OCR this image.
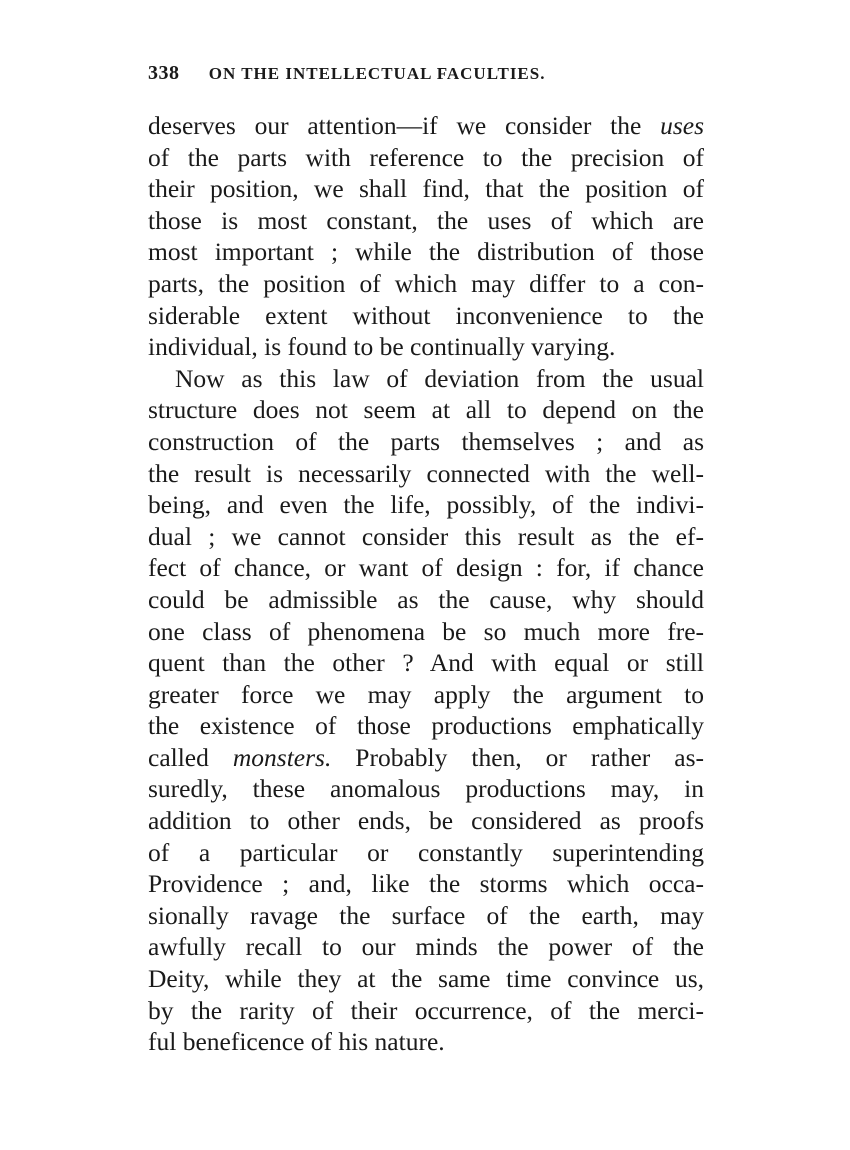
338 ON THE INTELLECTUAL FACULTIES.
deserves our attention—if we consider the uses
of the parts with reference to the precision of
their position, we shall find, that the position of
those is most constant, the uses of which are
most important ; while the distribution of those
parts, the position of which may differ to a con-
siderable extent without inconvenience to the
individual, is found to be continually varying.
Now as this law of deviation from the usual
structure does not seem at all to depend on the
construction of the parts themselves ; and as
the result is necessarily connected with the well-
being, and even the life, possibly, of the indivi-
dual ; we cannot consider this result as the ef-
fect of chance, or want of design : for, if chance
could be admissible as the cause, why should
one class of phenomena be so much more fre-
quent than the other ? And with equal or still
greater force we may apply the argument to
the existence of those productions emphatically
called monsters. Probably then, or rather as-
suredly, these anomalous productions may, in
addition to other ends, be considered as proofs
of a particular or constantly superintending
Providence ; and, like the storms which occa-
sionally ravage the surface of the earth, may
awfully recall to our minds the power of the
Deity, while they at the same time convince us,
by the rarity of their occurrence, of the merci-
ful beneficence of his nature.
